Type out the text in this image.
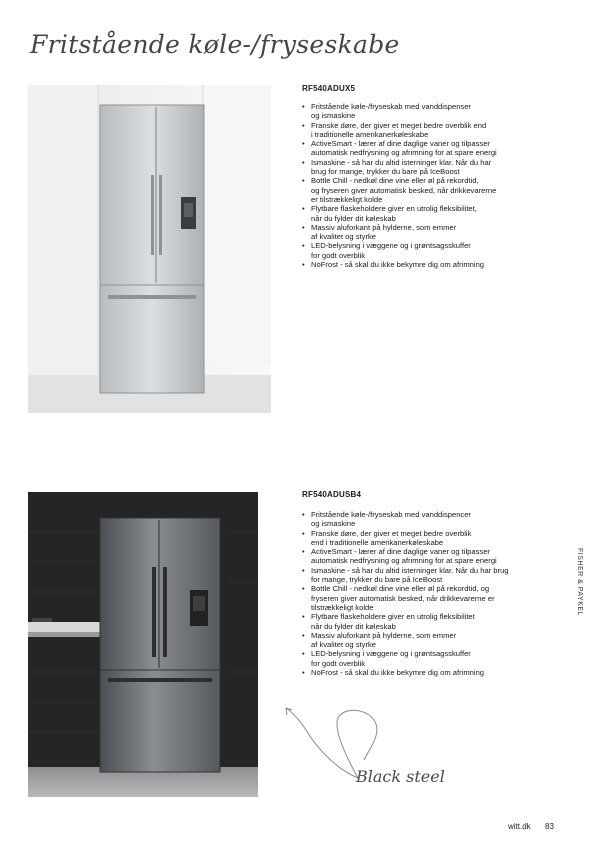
Fritstående køle-/fryseskabe
RF540ADUX5
• Fritstående køle-/fryseskab med vanddispenser
og ismaskine
• Franske døre, der giver et meget bedre overblik end
i traditionelle amerikanerkøleskabe
• ActiveSmart - lærer af dine daglige vaner og tilpasser
automatisk nedfrysning og afrimning for at spare energi
• Ismaskine - så har du altid isterninger klar. Når du har
brug for mange, trykker du bare på IceBoost
• Bottle Chill - nedkøl dine vine eller øl på rekordtid,
og fryseren giver automatisk besked, når drikkevarerne
er tilstrækkeligt kolde
• Flytbare flaskeholdere giver en utrolig fleksibilitet,
når du fylder dit køleskab
• Massiv aluforkant på hylderne, som emmer
af kvalitet og styrke
• LED-belysning i væggene og i grøntsagsskuffer
for godt overblik
• NoFrost - så skal du ikke bekymre dig om afrimning
RF540ADUSB4
• Fritstående køle-/fryseskab med vanddispencer
og ismaskine
• Franske døre, der giver et meget bedre overblik
end i traditionelle amerikanerkøleskabe
• ActiveSmart - lærer af dine daglige vaner og tilpasser
automatisk nedfrysning og afrimning for at spare energi
• Ismaskine - så har du altid isterninger klar. Når du har brug
for mange, trykker du bare på IceBoost
• Bottle Chill - nedkøl dine vine eller øl på rekordtid, og
fryseren giver automatisk besked, når drikkevarerne er
tilstrækkeligt kolde
• Flytbare flaskeholdere giver en utrolig fleksibilitet
når du fylder dit køleskab
• Massiv aluforkant på hylderne, som emmer
af kvalitet og styrke
• LED-belysning i væggene og i grøntsagsskuffer
for godt overblik
• NoFrost - så skal du ikke bekymre dig om afrimning
FISHER & PAYKEL
Black steel
witt.dk 83
